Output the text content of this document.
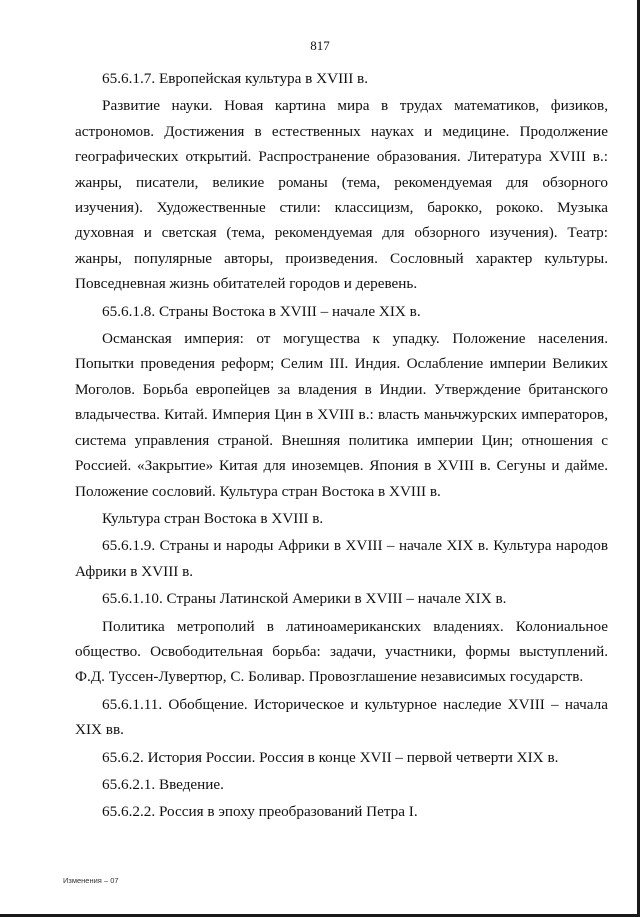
817

65.6.1.7. Европейская культура в XVIII в.

Развитие науки. Новая картина мира в трудах математиков, физиков, астрономов. Достижения в естественных науках и медицине. Продолжение географических открытий. Распространение образования. Литература XVIII в.: жанры, писатели, великие романы (тема, рекомендуемая для обзорного изучения). Художественные стили: классицизм, барокко, рококо. Музыка духовная и светская (тема, рекомендуемая для обзорного изучения). Театр: жанры, популярные авторы, произведения. Сословный характер культуры. Повседневная жизнь обитателей городов и деревень.

65.6.1.8. Страны Востока в XVIII – начале XIX в.

Османская империя: от могущества к упадку. Положение населения. Попытки проведения реформ; Селим III. Индия. Ослабление империи Великих Моголов. Борьба европейцев за владения в Индии. Утверждение британского владычества. Китай. Империя Цин в XVIII в.: власть маньчжурских императоров, система управления страной. Внешняя политика империи Цин; отношения с Россией. «Закрытие» Китая для иноземцев. Япония в XVIII в. Сегуны и дайме. Положение сословий. Культура стран Востока в XVIII в.

Культура стран Востока в XVIII в.

65.6.1.9. Страны и народы Африки в XVIII – начале XIX в. Культура народов Африки в XVIII в.

65.6.1.10. Страны Латинской Америки в XVIII – начале XIX в.

Политика метрополий в латиноамериканских владениях. Колониальное общество. Освободительная борьба: задачи, участники, формы выступлений. Ф.Д. Туссен-Лувертюр, С. Боливар. Провозглашение независимых государств.

65.6.1.11. Обобщение. Историческое и культурное наследие XVIII – начала XIX вв.

65.6.2. История России. Россия в конце XVII – первой четверти XIX в.

65.6.2.1. Введение.

65.6.2.2. Россия в эпоху преобразований Петра I.

Изменения – 07
